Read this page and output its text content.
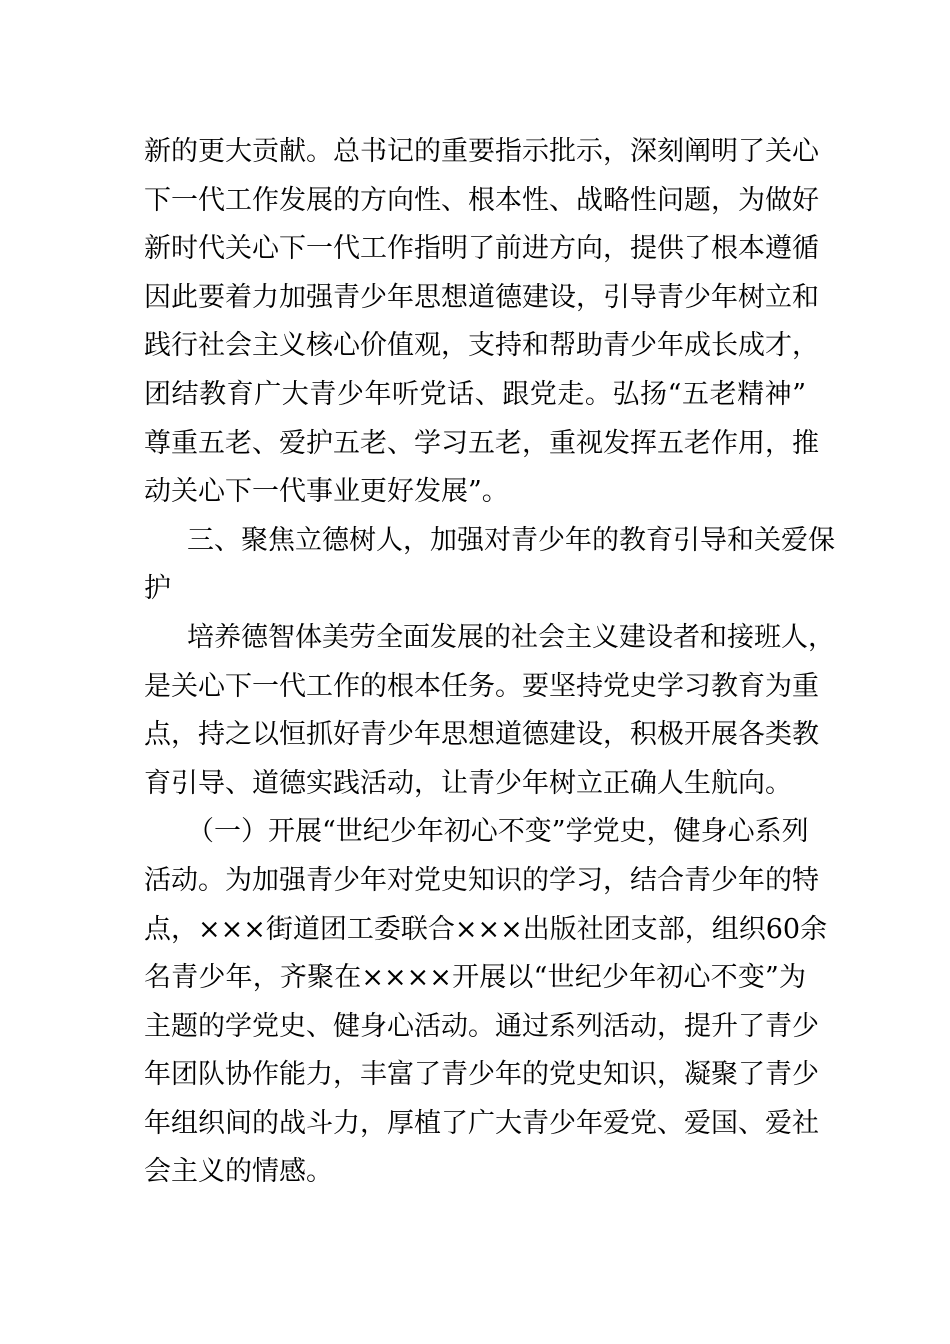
新的更大贡献。总书记的重要指示批示，深刻阐明了关心
下一代工作发展的方向性、根本性、战略性问题，为做好
新时代关心下一代工作指明了前进方向，提供了根本遵循
因此要着力加强青少年思想道德建设，引导青少年树立和
践行社会主义核心价值观，支持和帮助青少年成长成才，
团结教育广大青少年听党话、跟党走。弘扬“五老精神”
尊重五老、爱护五老、学习五老，重视发挥五老作用，推
动关心下一代事业更好发展”。
三、聚焦立德树人，加强对青少年的教育引导和关爱保
护
培养德智体美劳全面发展的社会主义建设者和接班人，
是关心下一代工作的根本任务。要坚持党史学习教育为重
点，持之以恒抓好青少年思想道德建设，积极开展各类教
育引导、道德实践活动，让青少年树立正确人生航向。
（一）开展“世纪少年初心不变”学党史，健身心系列
活动。为加强青少年对党史知识的学习，结合青少年的特
点，×××街道团工委联合×××出版社团支部，组织60余
名青少年，齐聚在××××开展以“世纪少年初心不变”为
主题的学党史、健身心活动。通过系列活动，提升了青少
年团队协作能力，丰富了青少年的党史知识，凝聚了青少
年组织间的战斗力，厚植了广大青少年爱党、爱国、爱社
会主义的情感。
